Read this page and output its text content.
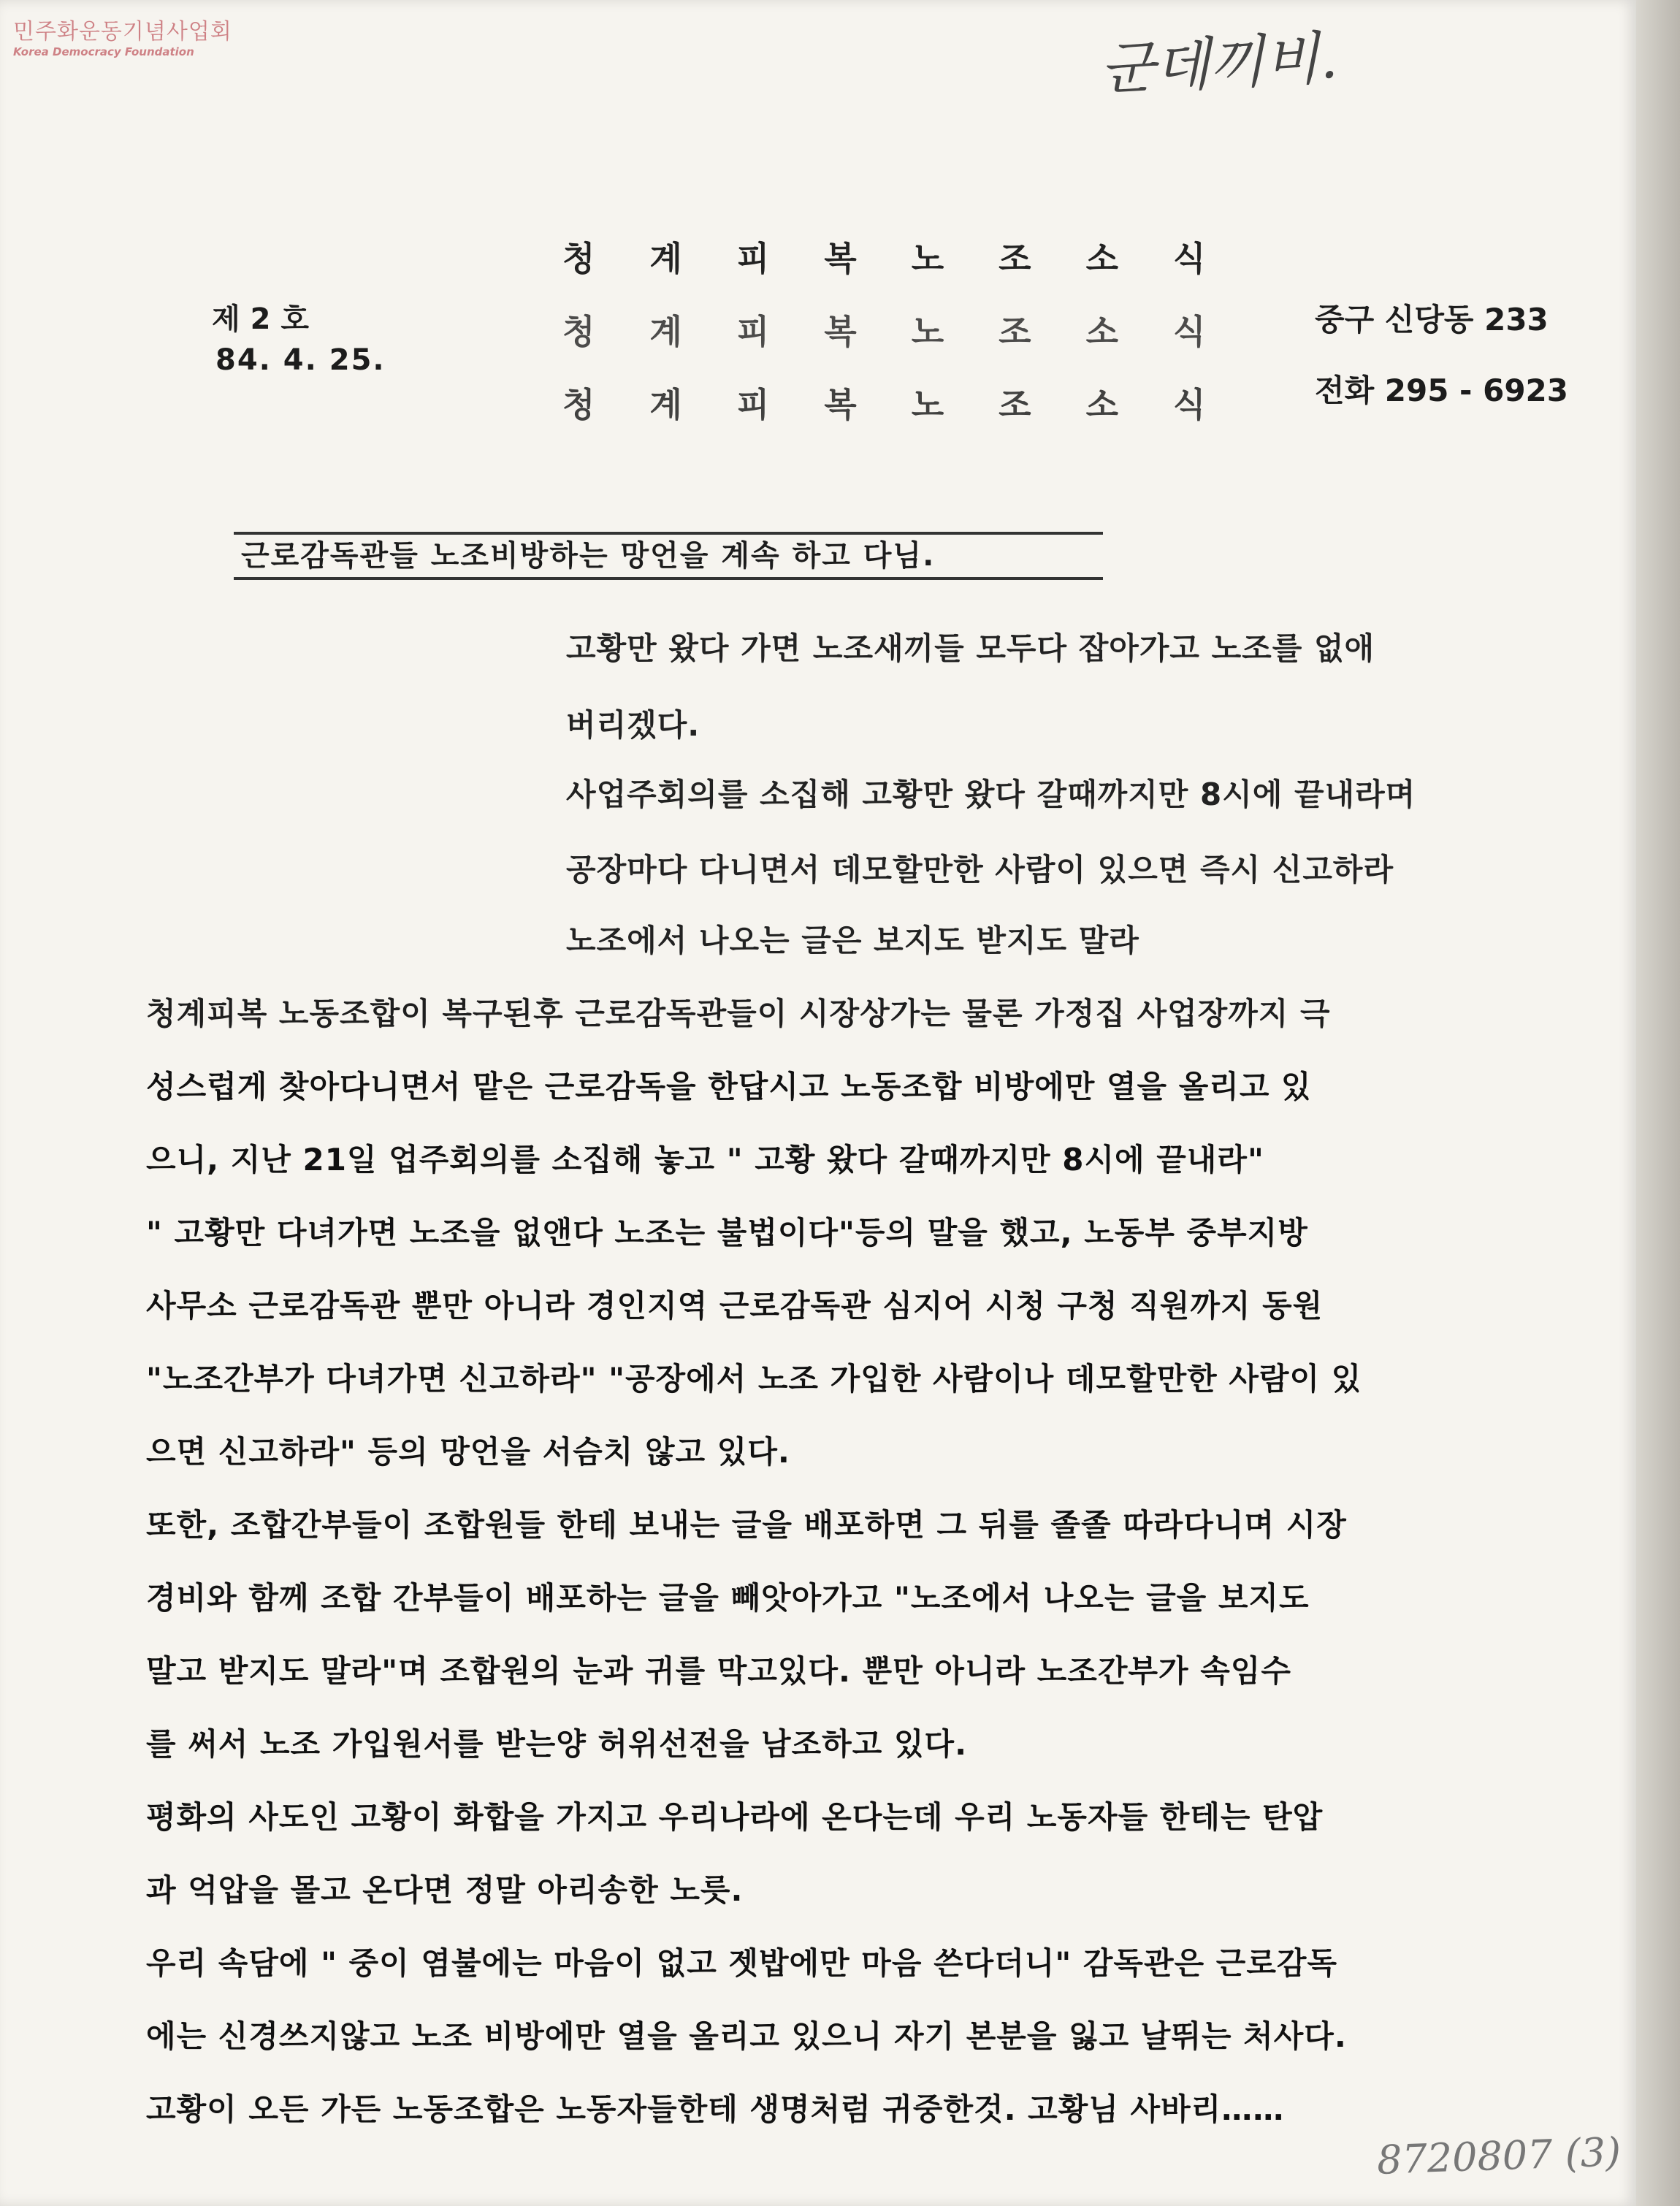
민주화운동기념사업회
Korea Democracy Foundation	군데끼비.
제 2 호
84. 4. 25.
청계피복노조소식
청계피복노조소식
청계피복노조소식
중구 신당동 233
전화 295 - 6923
근로감독관들 노조비방하는 망언을 계속 하고 다님.
고황만 왔다 가면 노조새끼들 모두다 잡아가고 노조를 없애
버리겠다.
사업주회의를 소집해 고황만 왔다 갈때까지만 8시에 끝내라며
공장마다 다니면서 데모할만한 사람이 있으면 즉시 신고하라
노조에서 나오는 글은 보지도 받지도 말라
청계피복 노동조합이 복구된후 근로감독관들이 시장상가는 물론 가정집 사업장까지 극
성스럽게 찾아다니면서 맡은 근로감독을 한답시고 노동조합 비방에만 열을 올리고 있
으니, 지난 21일 업주회의를 소집해 놓고 " 고황 왔다 갈때까지만 8시에 끝내라"
" 고황만 다녀가면 노조을 없앤다 노조는 불법이다"등의 말을 했고, 노동부 중부지방
사무소 근로감독관 뿐만 아니라 경인지역 근로감독관 심지어 시청 구청 직원까지 동원
"노조간부가 다녀가면 신고하라" "공장에서 노조 가입한 사람이나 데모할만한 사람이 있
으면 신고하라" 등의 망언을 서슴치 않고 있다.
또한, 조합간부들이 조합원들 한테 보내는 글을 배포하면 그 뒤를 졸졸 따라다니며 시장
경비와 함께 조합 간부들이 배포하는 글을 빼앗아가고 "노조에서 나오는 글을 보지도
말고 받지도 말라"며 조합원의 눈과 귀를 막고있다. 뿐만 아니라 노조간부가 속임수
를 써서 노조 가입원서를 받는양 허위선전을 남조하고 있다.
평화의 사도인 고황이 화합을 가지고 우리나라에 온다는데 우리 노동자들 한테는 탄압
과 억압을 몰고 온다면 정말 아리송한 노릇.
우리 속담에 " 중이 염불에는 마음이 없고 젯밥에만 마음 쓴다더니" 감독관은 근로감독
에는 신경쓰지않고 노조 비방에만 열을 올리고 있으니 자기 본분을 잃고 날뛰는 처사다.
고황이 오든 가든 노동조합은 노동자들한테 생명처럼 귀중한것. 고황님 사바리……
8720807 (3)
